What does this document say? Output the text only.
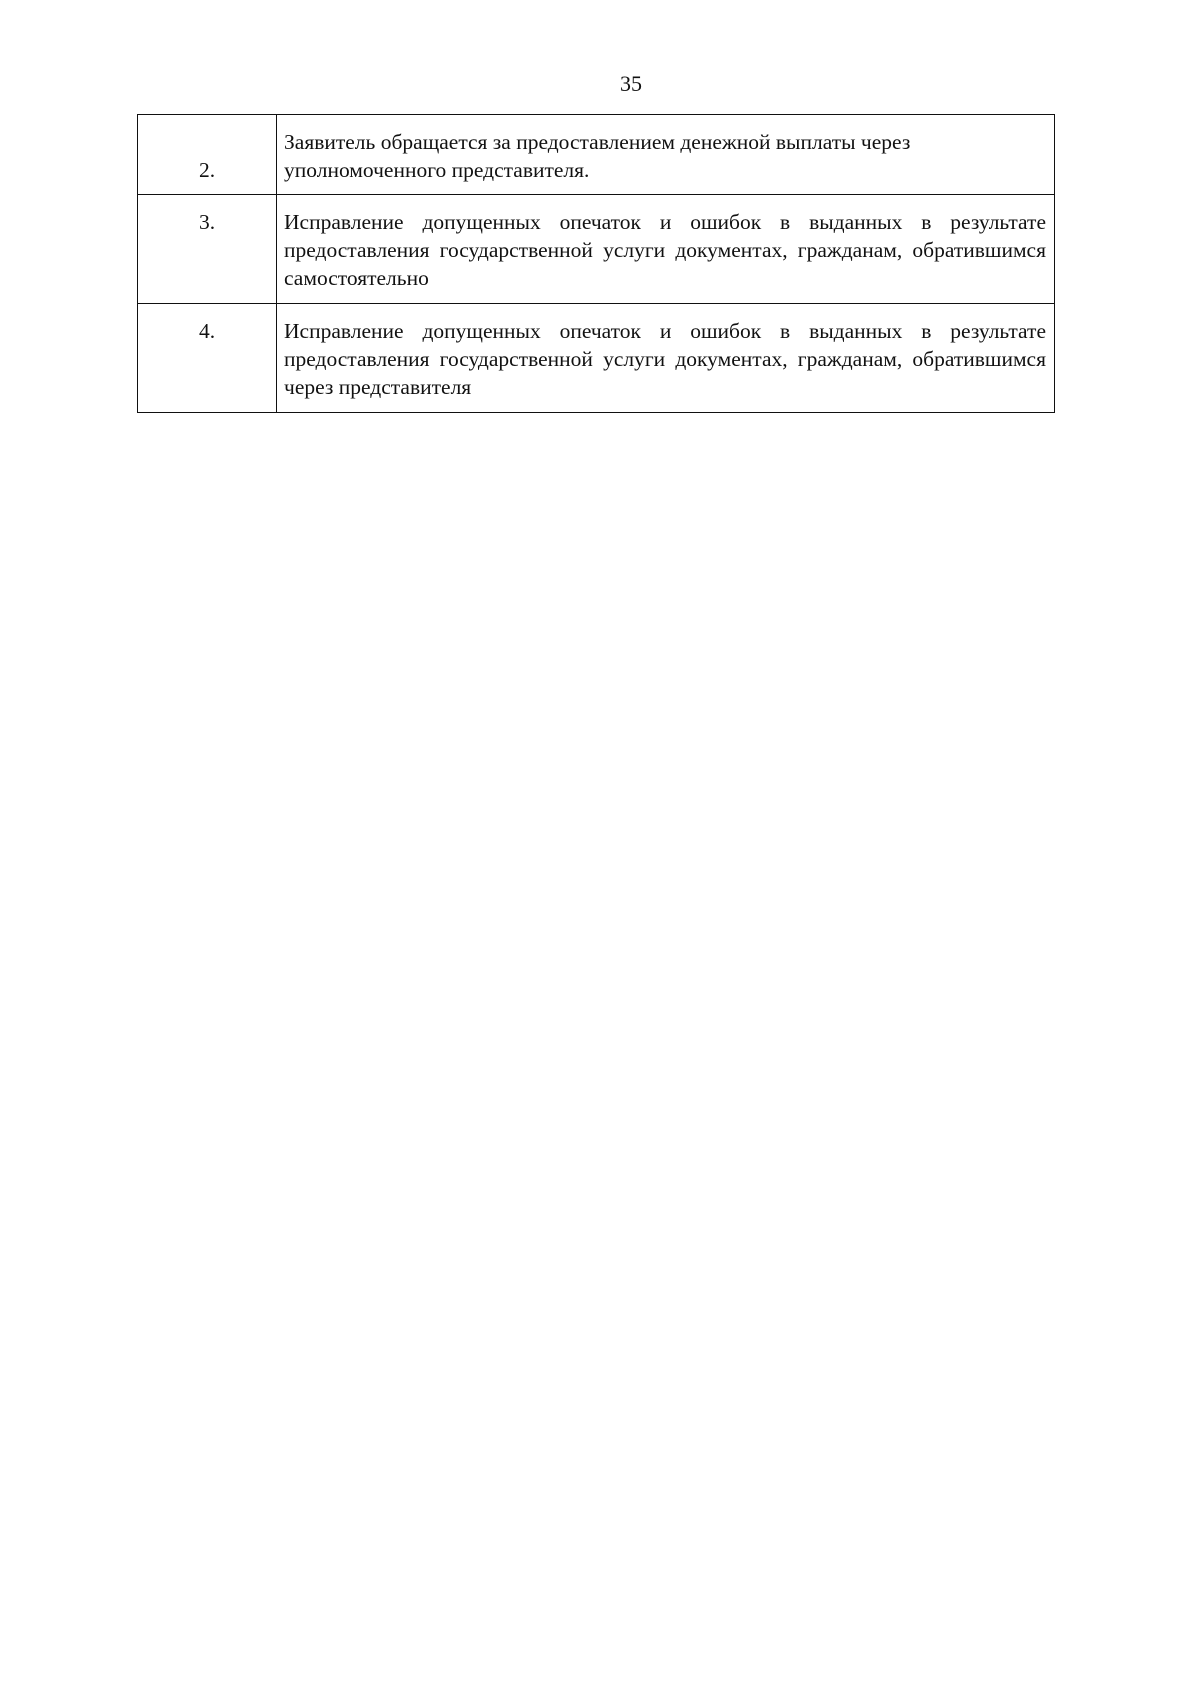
35
2.	Заявитель обращается за предоставлением денежной выплаты через уполномоченного представителя.
3.	Исправление допущенных опечаток и ошибок в выданных в результате предоставления государственной услуги документах, гражданам, обратившимся самостоятельно
4.	Исправление допущенных опечаток и ошибок в выданных в результате предоставления государственной услуги документах, гражданам, обратившимся через представителя
